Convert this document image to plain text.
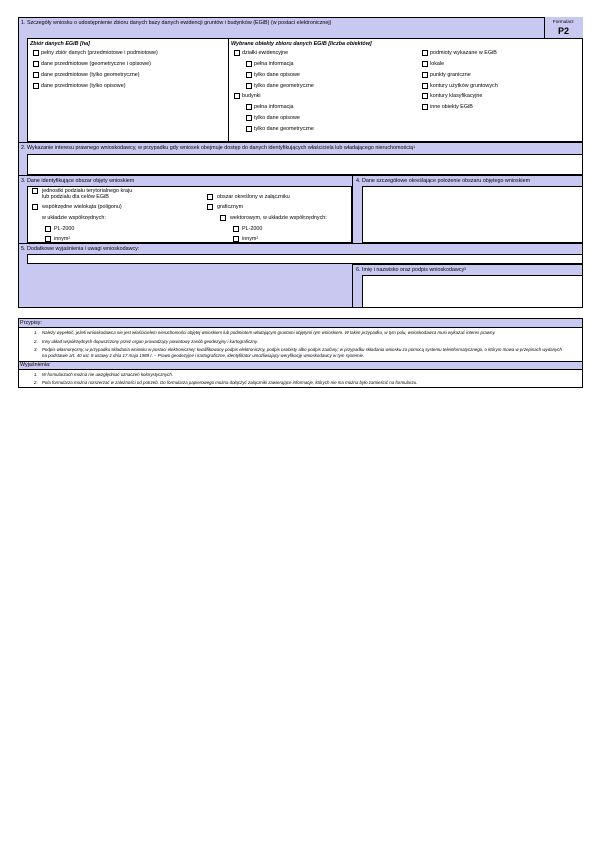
1. Szczegóły wniosku o udostępnienie zbioru danych bazy danych ewidencji gruntów i budynków (EGiB) (w postaci elektronicznej)	Formularz
P2
Zbiór danych EGiB [ha]	Wybrane obiekty zbioru danych EGiB [liczba obiektów]
pełny zbiór danych (przedmiotowe i podmiotowe)
dane przedmiotowe (geometryczne i opisowe)
dane przedmiotowe (tylko geometryczne)
dane przedmiotowe (tylko opisowe)
działki ewidencyjne
pełna informacja
tylko dane opisowe
tylko dane geometryczne
budynki
pełna informacja
tylko dane opisowe
tylko dane geometryczne
podmioty wykazane w EGiB
lokale
punkty graniczne
kontury użytków gruntowych
kontury klasyfikacyjne
inne obiekty EGiB
2. Wykazanie interesu prawnego wnioskodawcy, w przypadku gdy wniosek obejmuje dostęp do danych identyfikujących właściciela lub władającego nieruchomością$^1$
3. Dane identyfikujące obszar objęty wnioskiem	4. Dane szczegółowe określające położenie obszaru objętego wnioskiem
jednostki podziału terytorialnego kraju
lub podziału dla celów EGiB
współrzędne wielokąta (poligonu)
w układzie współrzędnych:
PL-2000
innym$^2$
obszar określony w załączniku
graficznym
wektorowym, w układzie współrzędnych:
PL-2000
innym$^2$
5. Dodatkowe wyjaśnienia i uwagi wnioskodawcy:
6. Imię i nazwisko oraz podpis wnioskodawcy$^3$
Przypisy:
1. Należy wypełnić, jeżeli wnioskodawca nie jest właścicielem nieruchomości objętej wnioskiem lub podmiotem władającym gruntami objętymi tym wnioskiem. W takim przypadku, w tym polu, wnioskodawca musi wykazać interes prawny.
2. Inny układ współrzędnych dopuszczony przez organ prowadzący powiatowy zasób geodezyjny i kartograficzny.
3. Podpis własnoręczny, w przypadku składania wniosku w postaci elektronicznej: kwalifikowany podpis elektroniczny, podpis osobisty albo podpis zaufany; w przypadku składania wniosku za pomocą systemu teleinformatycznego, o którym mowa w przepisach wydanych
na podstawie art. 40 ust. 8 ustawy z dnia 17 maja 1989 r. – Prawo geodezyjne i kartograficzne, identyfikator umożliwiający weryfikację wnioskodawcy w tym systemie.
Wyjaśnienia:
1. W formularzach można nie uwzględniać oznaczeń kolorystycznych.
2. Pola formularza można rozszerzać w zależności od potrzeb. Do formularza papierowego można dołączyć załączniki zawierające informacje, których nie ma można było zamieścić na formularzu.
